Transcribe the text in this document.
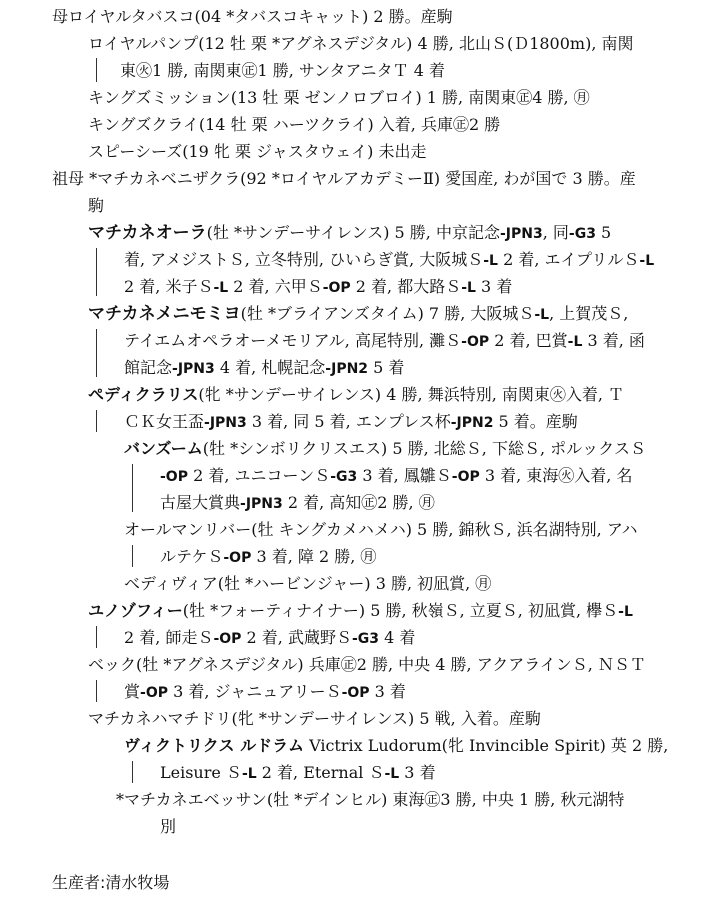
母ロイヤルタバスコ(04 *タバスコキャット) 2 勝。産駒
ロイヤルパンプ(12 牡 栗 *アグネスデジタル) 4 勝, 北山Ｓ(Ｄ1800m), 南関
東㊋1 勝, 南関東㊣1 勝, サンタアニタＴ 4 着
キングズミッション(13 牡 栗 ゼンノロブロイ) 1 勝, 南関東㊣4 勝, ㊊
キングズクライ(14 牡 栗 ハーツクライ) 入着, 兵庫㊣2 勝
スピーシーズ(19 牝 栗 ジャスタウェイ) 未出走
祖母 *マチカネベニザクラ(92 *ロイヤルアカデミーⅡ) 愛国産, わが国で 3 勝。産
駒
マチカネオーラ(牡 *サンデーサイレンス) 5 勝, 中京記念-JPN3, 同-G3 5
着, アメジストＳ, 立冬特別, ひいらぎ賞, 大阪城Ｓ-L 2 着, エイプリルＳ-L
2 着, 米子Ｓ-L 2 着, 六甲Ｓ-OP 2 着, 都大路Ｓ-L 3 着
マチカネメニモミヨ(牡 *ブライアンズタイム) 7 勝, 大阪城Ｓ-L, 上賀茂Ｓ,
テイエムオペラオーメモリアル, 高尾特別, 灘Ｓ-OP 2 着, 巴賞-L 3 着, 函
館記念-JPN3 4 着, 札幌記念-JPN2 5 着
ペディクラリス(牝 *サンデーサイレンス) 4 勝, 舞浜特別, 南関東㊋入着, Ｔ
ＣＫ女王盃-JPN3 3 着, 同 5 着, エンプレス杯-JPN2 5 着。産駒
バンズーム(牡 *シンボリクリスエス) 5 勝, 北総Ｓ, 下総Ｓ, ポルックスＳ
-OP 2 着, ユニコーンＳ-G3 3 着, 鳳雛Ｓ-OP 3 着, 東海㊋入着, 名
古屋大賞典-JPN3 2 着, 高知㊣2 勝, ㊊
オールマンリバー(牡 キングカメハメハ) 5 勝, 錦秋Ｓ, 浜名湖特別, アハ
ルテケＳ-OP 3 着, 障 2 勝, ㊊
ベディヴィア(牡 *ハービンジャー) 3 勝, 初凪賞, ㊊
ユノゾフィー(牡 *フォーティナイナー) 5 勝, 秋嶺Ｓ, 立夏Ｓ, 初凪賞, 欅Ｓ-L
2 着, 師走Ｓ-OP 2 着, 武蔵野Ｓ-G3 4 着
ベック(牡 *アグネスデジタル) 兵庫㊣2 勝, 中央 4 勝, アクアラインＳ, ＮＳＴ
賞-OP 3 着, ジャニュアリーＳ-OP 3 着
マチカネハマチドリ(牝 *サンデーサイレンス) 5 戦, 入着。産駒
ヴィクトリクス ルドラム Victrix Ludorum(牝 Invincible Spirit) 英 2 勝,
Leisure Ｓ-L 2 着, Eternal Ｓ-L 3 着
*マチカネエベッサン(牡 *デインヒル) 東海㊣3 勝, 中央 1 勝, 秋元湖特
別
生産者:清水牧場
